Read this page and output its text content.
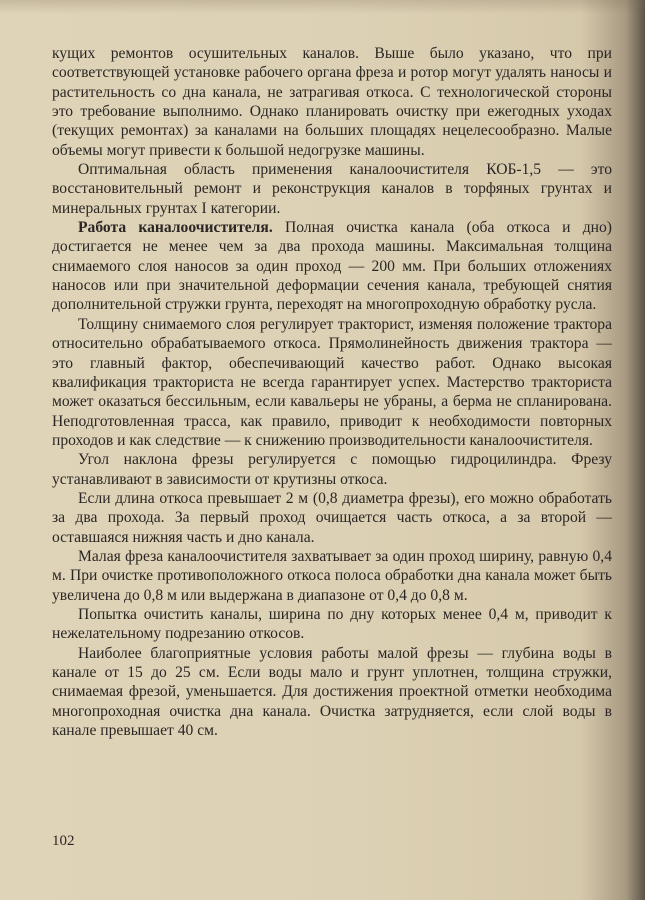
кущих ремонтов осушительных каналов. Выше было указано, что при соответствующей установке рабочего органа фреза и ротор могут удалять наносы и растительность со дна канала, не затрагивая откоса. С технологической стороны это требование выполнимо. Однако планировать очистку при ежегодных уходах (текущих ремонтах) за каналами на больших площадях нецелесообразно. Малые объемы могут привести к большой недогрузке машины.

Оптимальная область применения каналоочистителя КОБ-1,5 — это восстановительный ремонт и реконструкция каналов в торфяных грунтах и минеральных грунтах I категории.

Работа каналоочистителя. Полная очистка канала (оба откоса и дно) достигается не менее чем за два прохода машины. Максимальная толщина снимаемого слоя наносов за один проход — 200 мм. При больших отложениях наносов или при значительной деформации сечения канала, требующей снятия дополнительной стружки грунта, переходят на многопроходную обработку русла.

Толщину снимаемого слоя регулирует тракторист, изменяя положение трактора относительно обрабатываемого откоса. Прямолинейность движения трактора — это главный фактор, обеспечивающий качество работ. Однако высокая квалификация тракториста не всегда гарантирует успех. Мастерство тракториста может оказаться бессильным, если кавальеры не убраны, а берма не спланирована. Неподготовленная трасса, как правило, приводит к необходимости повторных проходов и как следствие — к снижению производительности каналоочистителя.

Угол наклона фрезы регулируется с помощью гидроцилиндра. Фрезу устанавливают в зависимости от крутизны откоса.

Если длина откоса превышает 2 м (0,8 диаметра фрезы), его можно обработать за два прохода. За первый проход очищается часть откоса, а за второй — оставшаяся нижняя часть и дно канала.

Малая фреза каналоочистителя захватывает за один проход ширину, равную 0,4 м. При очистке противоположного откоса полоса обработки дна канала может быть увеличена до 0,8 м или выдержана в диапазоне от 0,4 до 0,8 м.

Попытка очистить каналы, ширина по дну которых менее 0,4 м, приводит к нежелательному подрезанию откосов.

Наиболее благоприятные условия работы малой фрезы — глубина воды в канале от 15 до 25 см. Если воды мало и грунт уплотнен, толщина стружки, снимаемая фрезой, уменьшается. Для достижения проектной отметки необходима многопроходная очистка дна канала. Очистка затрудняется, если слой воды в канале превышает 40 см.

102
